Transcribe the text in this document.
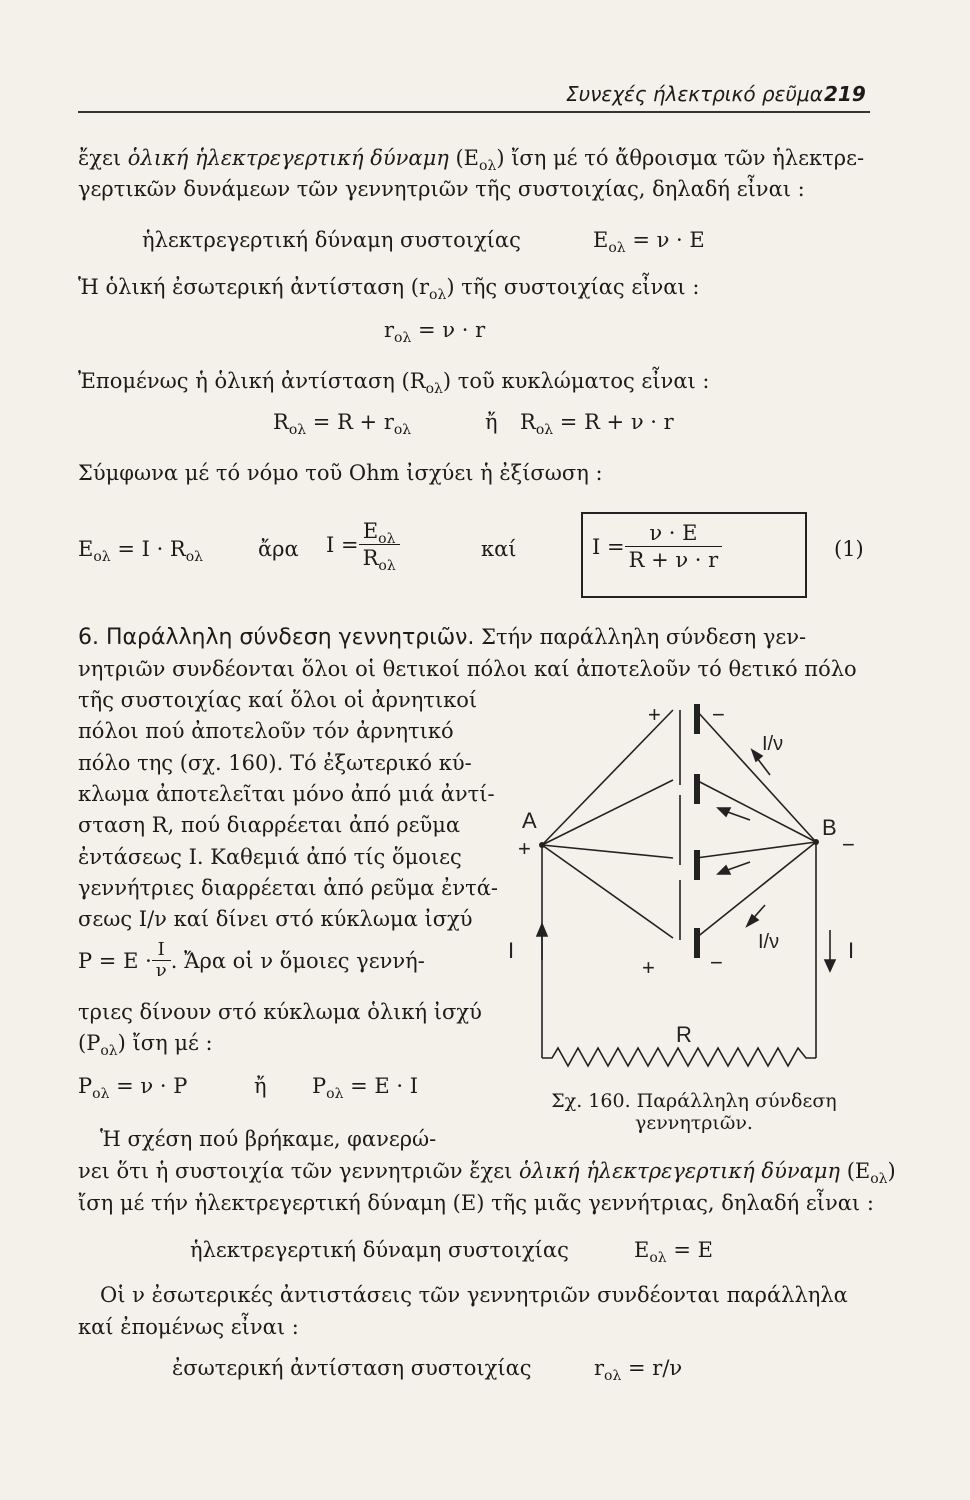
Συνεχές ήλεκτρικό ρεῦμα 219
ἔχει ὁλική ἡλεκτρεγερτική δύναμη $(E_{o\lambda})$ ἴση μέ τό ἄθροισμα τῶν ἡλεκτρε-
γερτικῶν δυνάμεων τῶν γεννητριῶν τῆς συστοιχίας, δηλαδή εἶναι :
ἡλεκτρεγερτική δύναμη συστοιχίας	$E_{o\lambda} = \nu \cdot E$
Ἡ ὁλική ἐσωτερική ἀντίσταση $(r_{o\lambda})$ τῆς συστοιχίας εἶναι :
$r_{o\lambda} = \nu \cdot r$
Ἐπομένως ἡ ὁλική ἀντίσταση $(R_{o\lambda})$ τοῦ κυκλώματος εἶναι :
$R_{o\lambda} = R + r_{o\lambda}$	ἤ $R_{o\lambda} = R + \nu \cdot r$
Σύμφωνα μέ τό νόμο τοῦ Ohm ἰσχύει ἡ ἐξίσωση :
$E_{o\lambda} = I \cdot R_{o\lambda}$	ἄρα $I = \frac{E_{o\lambda}}{R_{o\lambda}}$	καί	$I = \frac{\nu \cdot E}{R + \nu \cdot r}$	(1)
6. Παράλληλη σύνδεση γεννητριῶν. Στήν παράλληλη σύνδεση γεν-
νητριῶν συνδέονται ὅλοι οἱ θετικοί πόλοι καί ἀποτελοῦν τό θετικό πόλο
τῆς συστοιχίας καί ὅλοι οἱ ἀρνητικοί
πόλοι πού ἀποτελοῦν τόν ἀρνητικό
πόλο της (σχ. 160). Τό ἐξωτερικό κύ-
κλωμα ἀποτελεῖται μόνο ἀπό μιά ἀντί-
σταση R, πού διαρρέεται ἀπό ρεῦμα
ἐντάσεως I. Καθεμιά ἀπό τίς ὅμοιες
γεννήτριες διαρρέεται ἀπό ρεῦμα ἐντά-
σεως I/ν καί δίνει στό κύκλωμα ἰσχύ
$P = E \cdot \frac{I}{\nu}$ . Ἄρα οἱ ν ὅμοιες γεννή-
τριες δίνουν στό κύκλωμα ὁλική ἰσχύ
$(P_{o\lambda})$ ἴση μέ :
$P_{o\lambda} = \nu \cdot P$	ἤ $P_{o\lambda} = E \cdot I$
Ἡ σχέση πού βρήκαμε, φανερώ-
νει ὅτι ἡ συστοιχία τῶν γεννητριῶν ἔχει ὁλική ἡλεκτρεγερτική δύναμη $(E_{o\lambda})$
ἴση μέ τήν ἡλεκτρεγερτική δύναμη (E) τῆς μιᾶς γεννήτριας, δηλαδή εἶναι :
ἡλεκτρεγερτική δύναμη συστοιχίας	$E_{o\lambda} = E$
Οἱ ν ἐσωτερικές ἀντιστάσεις τῶν γεννητριῶν συνδέονται παράλληλα
καί ἐπομένως εἶναι :
ἐσωτερική ἀντίσταση συστοιχίας	$r_{o\lambda} = r/\nu$
+ −
I/ν
A
+
B
−
I	I
I/ν
+	−
R
Σχ. 160. Παράλληλη σύνδεση
γεννητριῶν.
